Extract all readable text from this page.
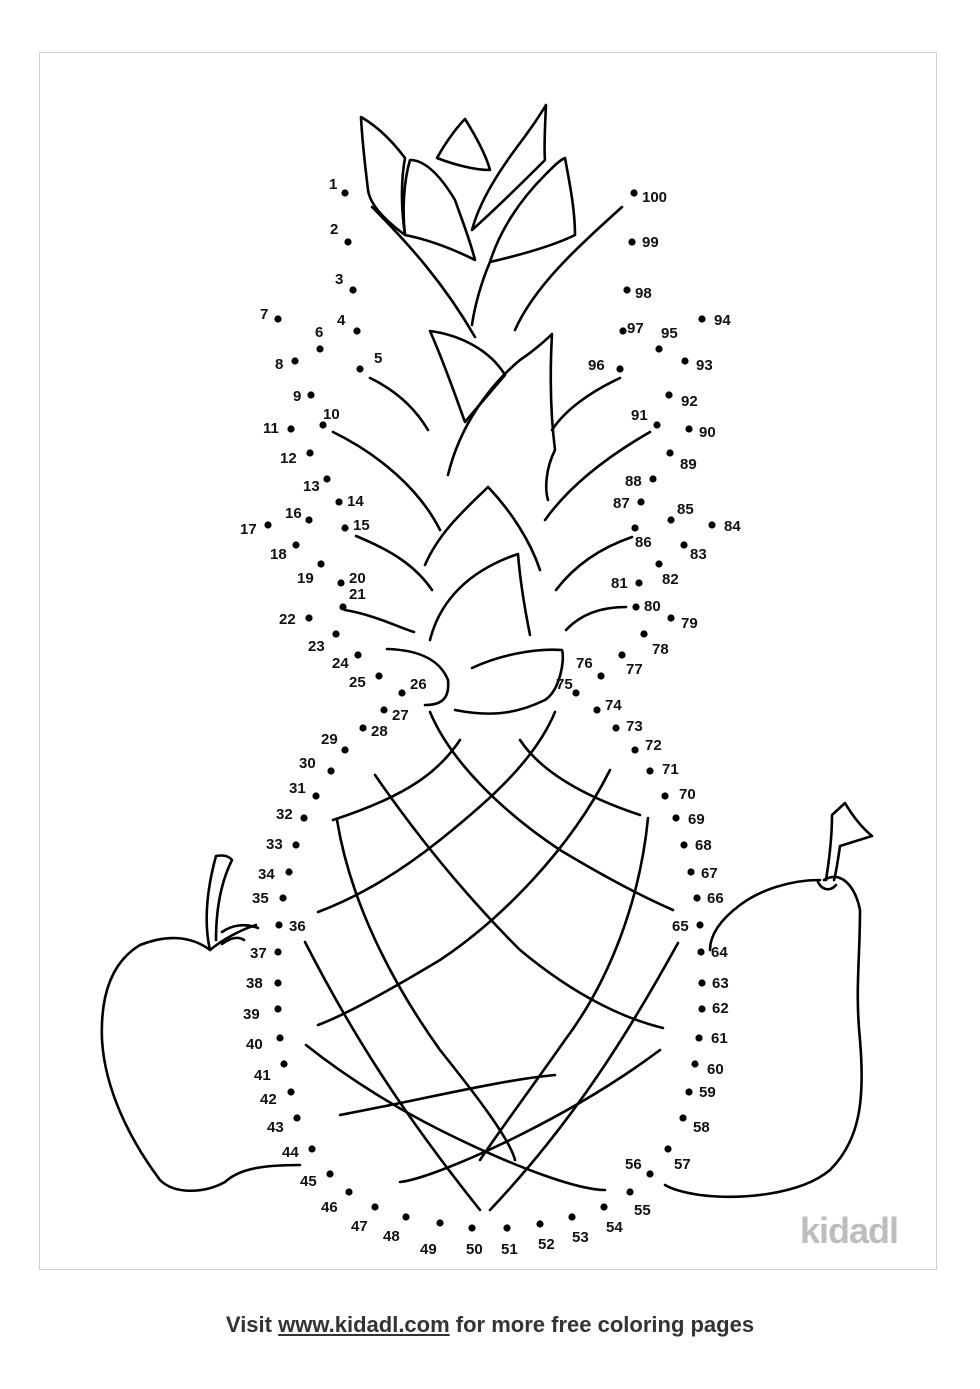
1
2
3
4
5
6
7
8
9
10
11
12
13
14
15
16
17
18
19 20
21
22
23
24
25	26
27
28
29
30
31
32
33
34
35
36
37
38
39
40
41
42
43
44
45
46
47
48
49 50 51 52 53
54
55
56 57
58
59
60
61
62
63
64
65
66
67
68
69
70
71
72
73
74
75
76 77
78
79
80
81 82
83
84
85
86
87
88
89
90
91
92
93
94
95
96
97
98
99
100
kidadl
Visit www.kidadl.com for more free coloring pages
